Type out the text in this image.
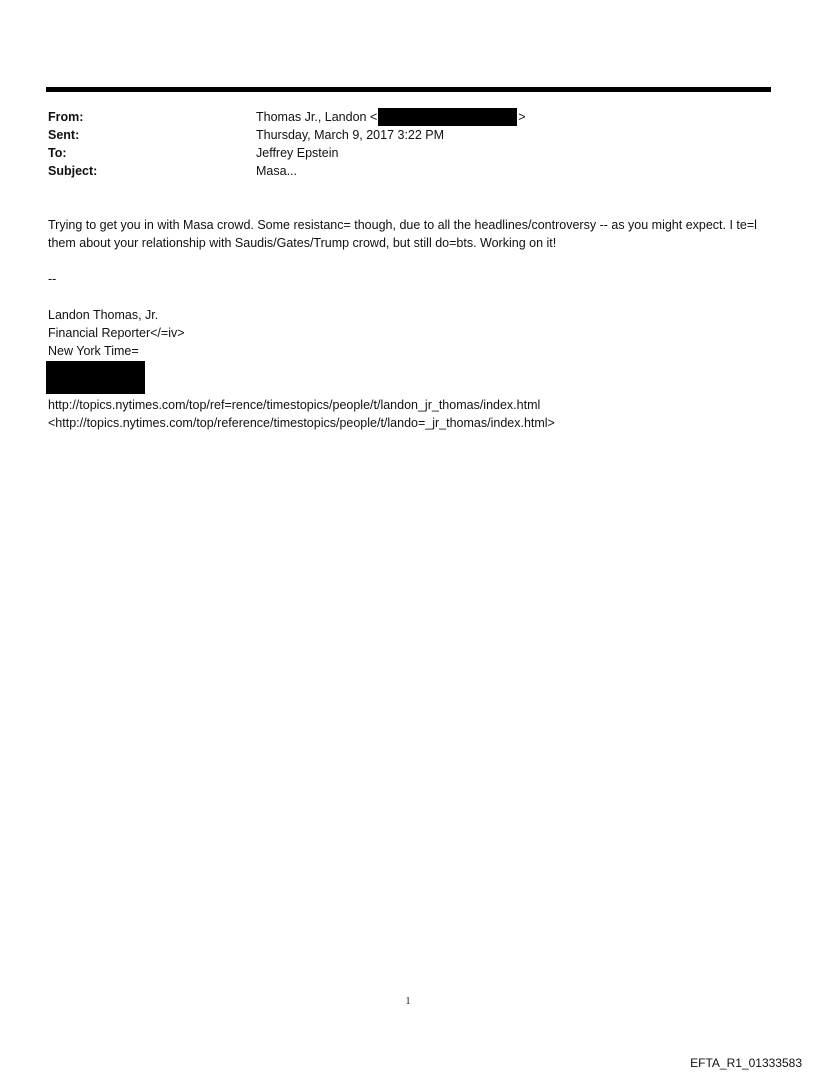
From:	Thomas Jr., Landon <	>
Sent:	Thursday, March 9, 2017 3:22 PM
To:	Jeffrey Epstein
Subject:	Masa...
Trying to get you in with Masa crowd. Some resistanc= though, due to all the headlines/controversy -- as you might expect. I te=l them about your relationship with Saudis/Gates/Trump crowd, but still do=bts. Working on it!
--
Landon Thomas, Jr.
Financial Reporter</=iv>
New York Time=
http://topics.nytimes.com/top/ref=rence/timestopics/people/t/landon_jr_thomas/index.html
<http://topics.nytimes.com/top/reference/timestopics/people/t/lando=_jr_thomas/index.html>
1
EFTA_R1_01333583
